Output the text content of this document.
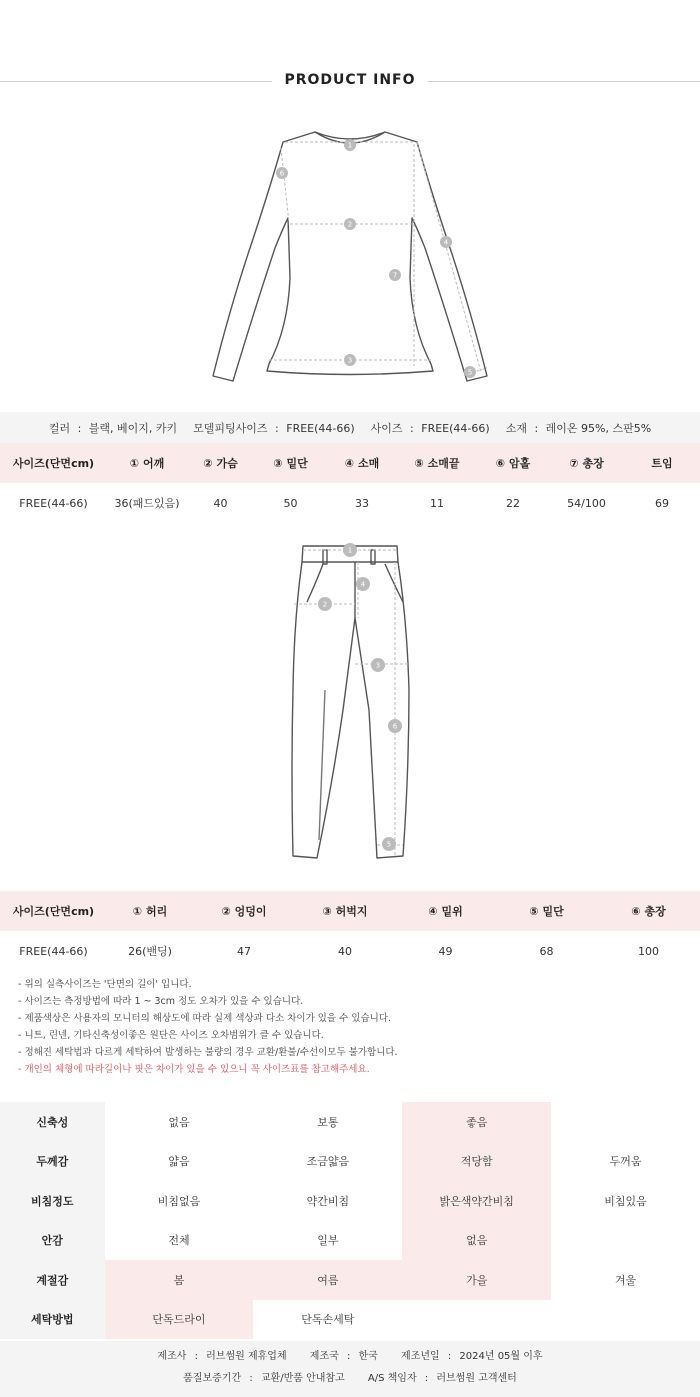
PRODUCT INFO
1
2
3
4
5
6
7
컬러 : 블랙, 베이지, 카키	모델피팅사이즈 : FREE(44-66)	사이즈 : FREE(44-66)	소재 : 레이온 95%, 스판5%
사이즈(단면cm)	① 어깨	② 가슴	③ 밑단	④ 소매	⑤ 소매끝	⑥ 암홀	⑦ 총장	트임
FREE(44-66)	36(패드있음)	40	50	33	11	22	54/100	69
1
2
3
4
5
6
사이즈(단면cm)	① 허리	② 엉덩이	③ 허벅지	④ 밑위	⑤ 밑단	⑥ 총장
FREE(44-66)	26(밴딩)	47	40	49	68	100
- 위의 실측사이즈는 '단면의 길이' 입니다.
- 사이즈는 측정방법에 따라 1 ~ 3cm 정도 오차가 있을 수 있습니다.
- 제품색상은 사용자의 모니터의 해상도에 따라 실제 색상과 다소 차이가 있을 수 있습니다.
- 니트, 린넨, 기타신축성이좋은 원단은 사이즈 오차범위가 클 수 있습니다.
- 정해진 세탁법과 다르게 세탁하여 발생하는 불량의 경우 교환/환불/수선이모두 불가합니다.
- 개인의 체형에 따라길이나 핏은 차이가 있을 수 있으니 꼭 사이즈표를 참고해주세요.
신축성	없음	보통	좋음
두께감	얇음	조금얇음	적당함	두꺼움
비침정도	비침없음	약간비침	밝은색약간비침	비침있음
안감	전체	일부	없음
계절감	봄	여름	가을	겨울
세탁방법	단독드라이	단독손세탁
제조사 : 러브썸원 제휴업체 제조국 : 한국 제조년일 : 2024년 05월 이후
품질보증기간 : 교환/반품 안내참고 A/S 책임자 : 러브썸원 고객센터
